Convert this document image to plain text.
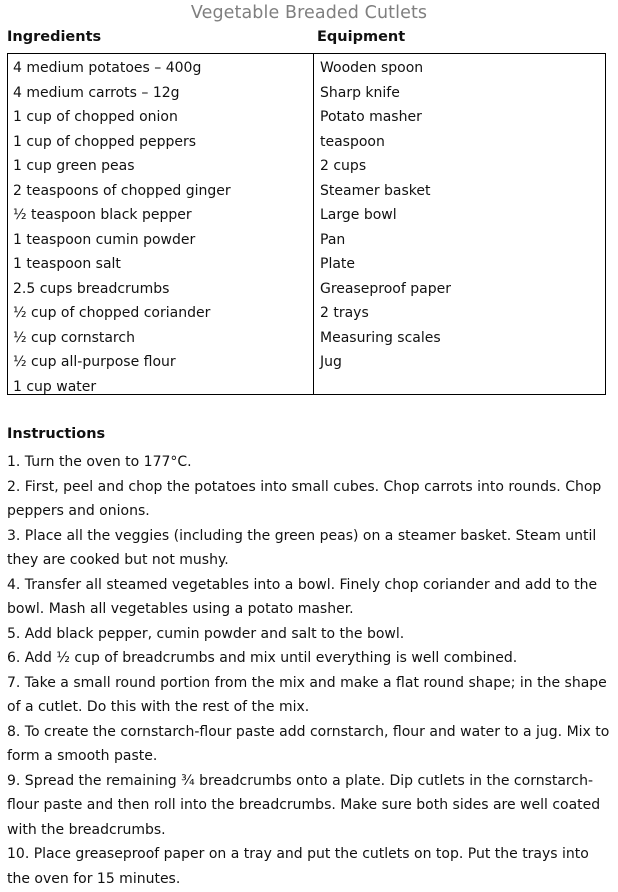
Vegetable Breaded Cutlets
Ingredients	Equipment
4 medium potatoes – 400g
4 medium carrots – 12g
1 cup of chopped onion
1 cup of chopped peppers
1 cup green peas
2 teaspoons of chopped ginger
½ teaspoon black pepper
1 teaspoon cumin powder
1 teaspoon salt
2.5 cups breadcrumbs
½ cup of chopped coriander
½ cup cornstarch
½ cup all-purpose flour
1 cup water
Wooden spoon
Sharp knife
Potato masher
teaspoon
2 cups
Steamer basket
Large bowl
Pan
Plate
Greaseproof paper
2 trays
Measuring scales
Jug
Instructions

1. Turn the oven to 177°C.

2. First, peel and chop the potatoes into small cubes. Chop carrots into rounds. Chop peppers and onions.

3. Place all the veggies (including the green peas) on a steamer basket. Steam until they are cooked but not mushy.

4. Transfer all steamed vegetables into a bowl. Finely chop coriander and add to the bowl. Mash all vegetables using a potato masher.

5. Add black pepper, cumin powder and salt to the bowl.

6. Add ½ cup of breadcrumbs and mix until everything is well combined.

7. Take a small round portion from the mix and make a flat round shape; in the shape of a cutlet. Do this with the rest of the mix.

8. To create the cornstarch-flour paste add cornstarch, flour and water to a jug. Mix to form a smooth paste.

9. Spread the remaining ¾ breadcrumbs onto a plate. Dip cutlets in the cornstarch-flour paste and then roll into the breadcrumbs. Make sure both sides are well coated with the breadcrumbs.

10. Place greaseproof paper on a tray and put the cutlets on top. Put the trays into the oven for 15 minutes.
